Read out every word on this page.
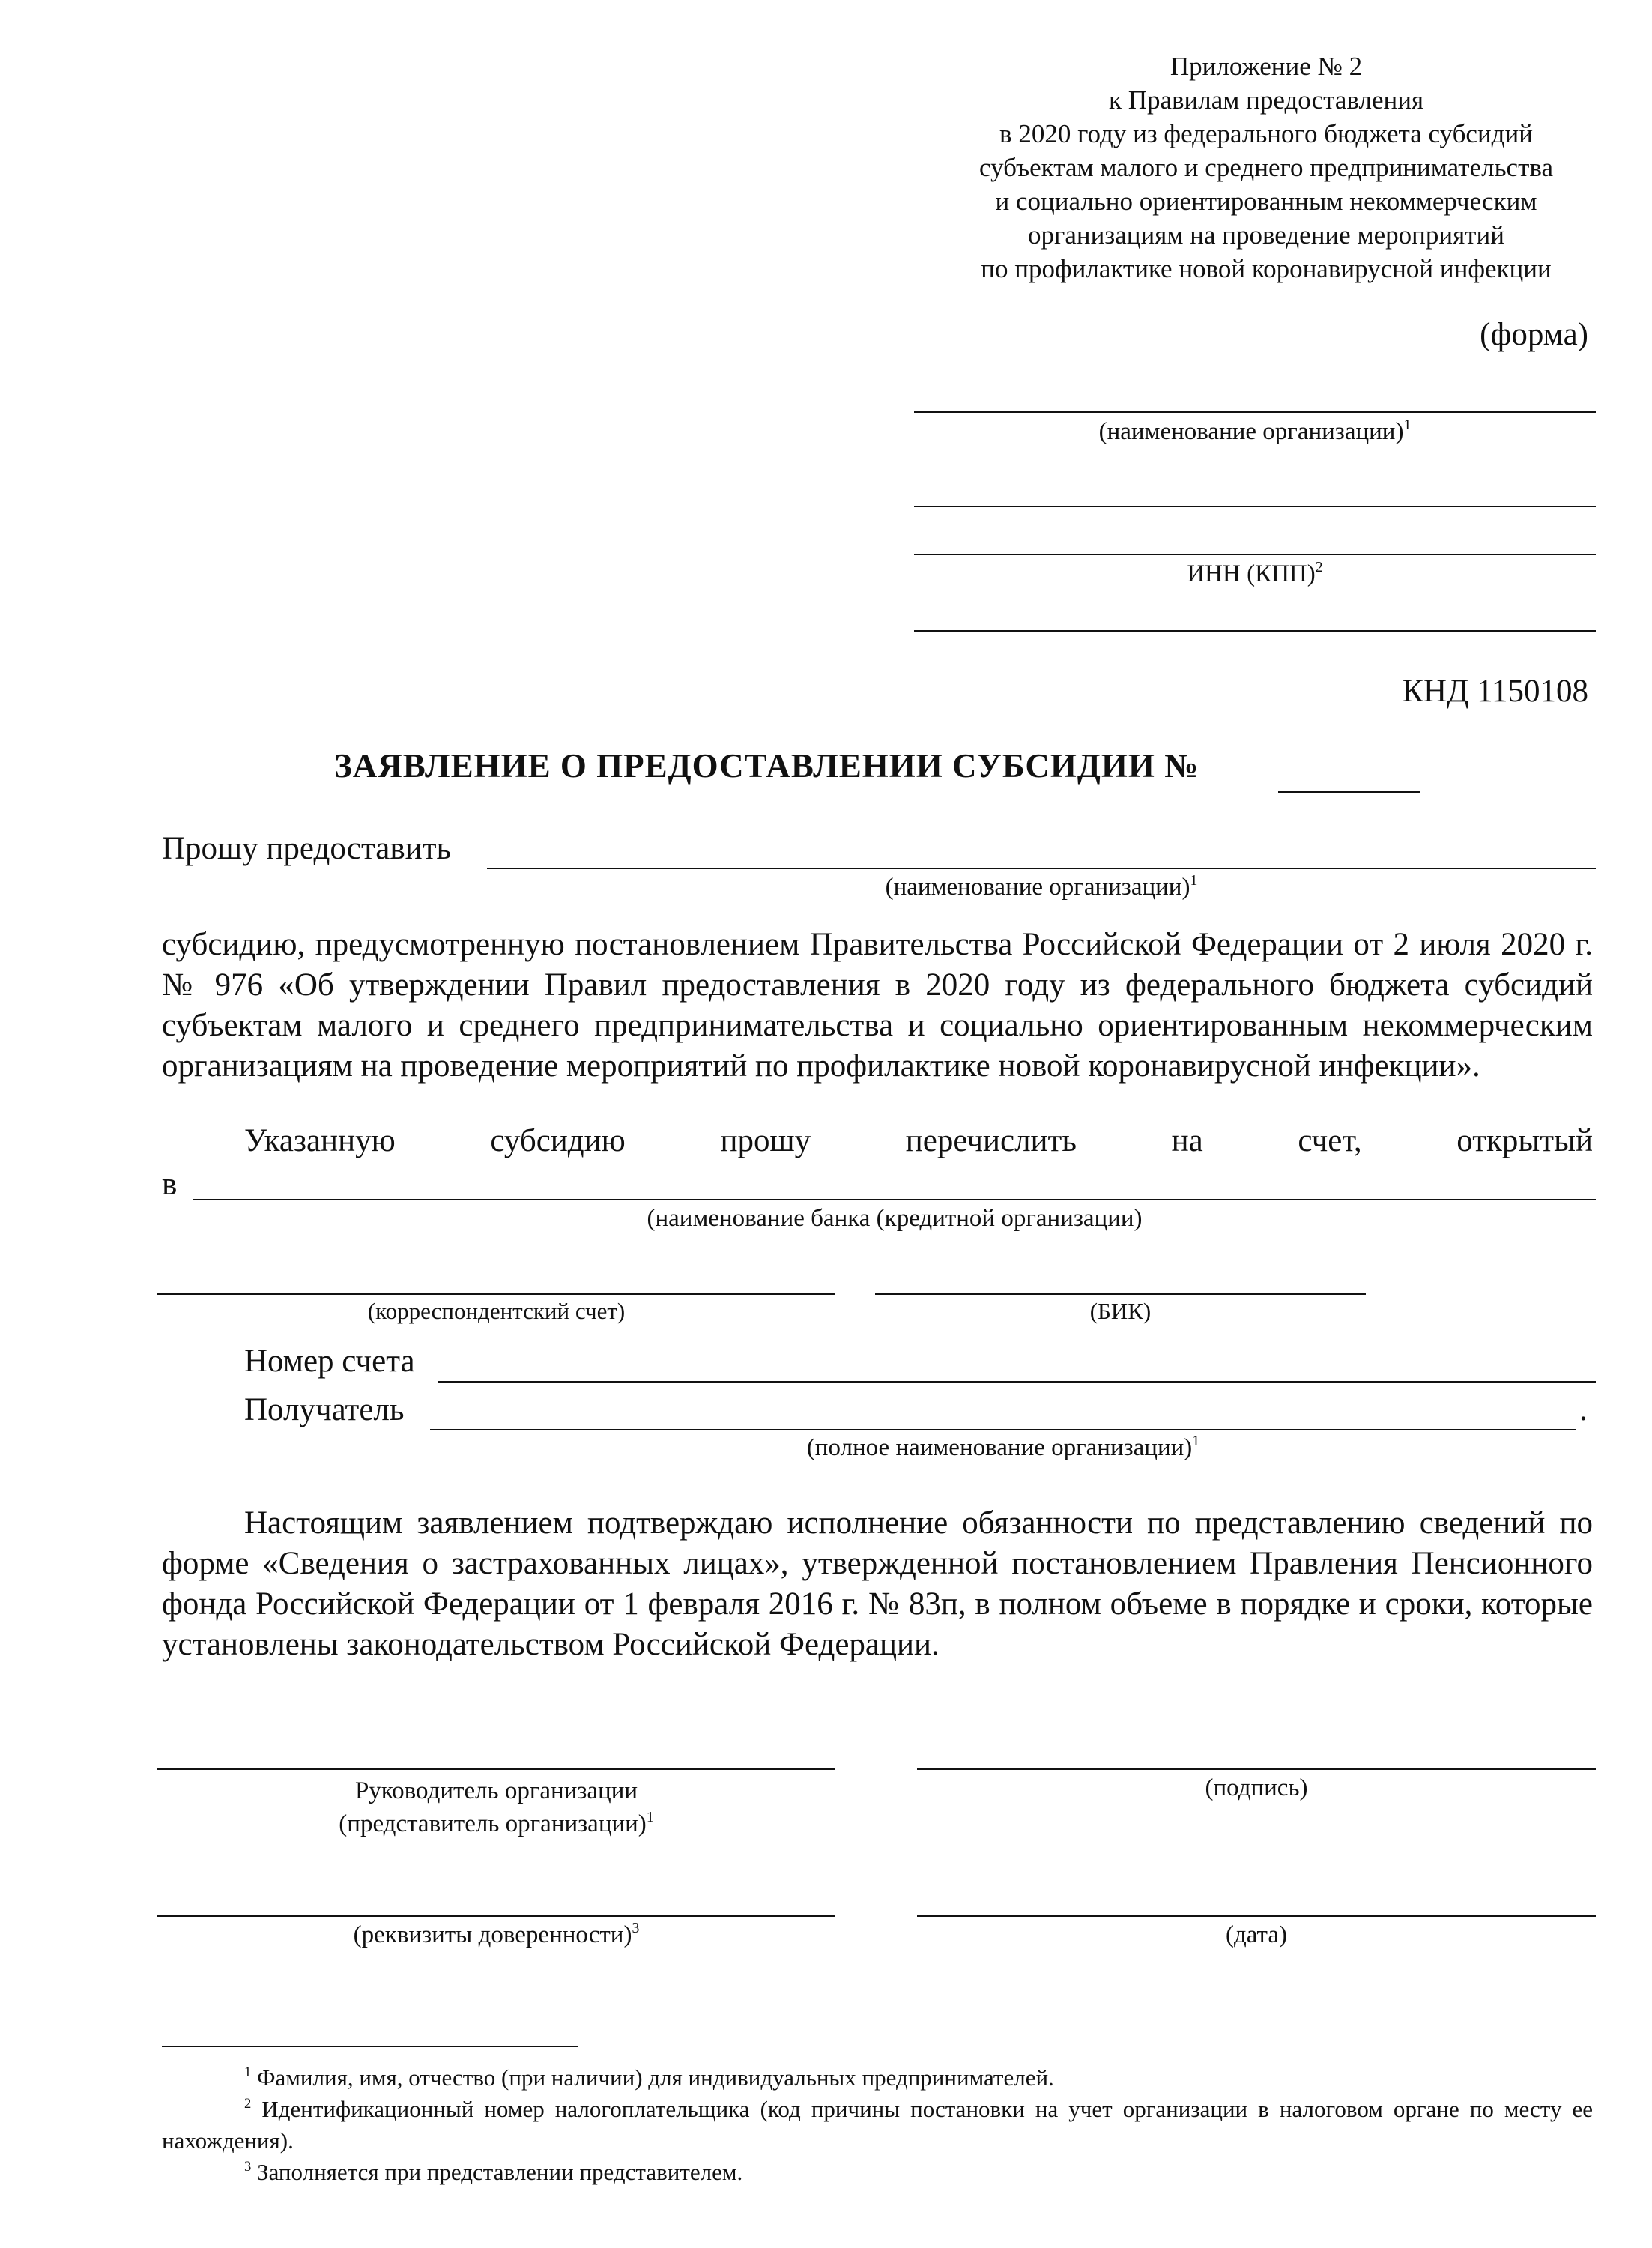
Приложение № 2
к Правилам предоставления
в 2020 году из федерального бюджета субсидий
субъектам малого и среднего предпринимательства
и социально ориентированным некоммерческим
организациям на проведение мероприятий
по профилактике новой коронавирусной инфекции
(форма)
(наименование организации)$^1$
ИНН (КПП)$^2$
КНД 1150108
ЗАЯВЛЕНИЕ О ПРЕДОСТАВЛЕНИИ СУБСИДИИ №
Прошу предоставить
(наименование организации)$^1$
субсидию, предусмотренную постановлением Правительства Российской Федерации от 2 июля 2020 г. № 976 «Об утверждении Правил предоставления в 2020 году из федерального бюджета субсидий субъектам малого и среднего предпринимательства и социально ориентированным некоммерческим организациям на проведение мероприятий по профилактике новой коронавирусной инфекции».
Указанную субсидию прошу перечислить на счет, открытый
в
(наименование банка (кредитной организации)
(корреспондентский счет)	(БИК)
Номер счета
Получатель	.
(полное наименование организации)$^1$
Настоящим заявлением подтверждаю исполнение обязанности по представлению сведений по форме «Сведения о застрахованных лицах», утвержденной постановлением Правления Пенсионного фонда Российской Федерации от 1 февраля 2016 г. № 83п, в полном объеме в порядке и сроки, которые установлены законодательством Российской Федерации.
Руководитель организации
(представитель организации)$^1$
(подпись)
(реквизиты доверенности)$^3$	(дата)
$^1$ Фамилия, имя, отчество (при наличии) для индивидуальных предпринимателей.
$^2$ Идентификационный номер налогоплательщика (код причины постановки на учет организации в налоговом органе по месту ее нахождения).
$^3$ Заполняется при представлении представителем.
